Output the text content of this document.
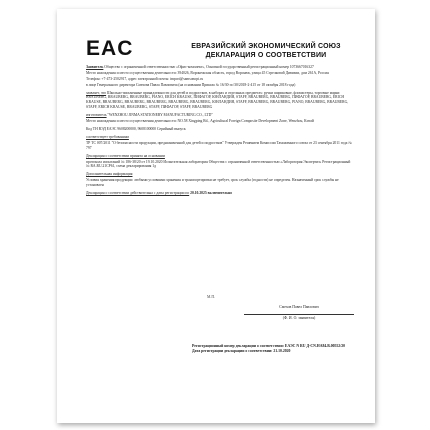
Е А С	ЕВРАЗИЙСКИЙ ЭКОНОМИЧЕСКИЙ СОЮЗ
ДЕКЛАРАЦИЯ О СООТВЕТСТВИИ

Заявитель Общество с ограниченной ответственностью «Офис-комплект», Основной государственный регистрационный номер 1073667016327

Место нахождения и место осуществления деятельности: 394026, Воронежская область, город Воронеж, улица 45 Стрелковой Дивизии, дом 261А, Россия

Телефон: +7-473-2502917, адрес электронной почты: import@samsonopt.ru

в лице Генерального директора Смехова Павла Павловича (на основании Приказа № 16/30-лс/30/2018-2-415 от 18 октября 2018 года)

заявляет, что Школьно-письменные принадлежности для детей и подростков, в наборах и отдельных предметах: ручки шариковые, фломастеры, торговые марки: BRAUBERG, BRAUBERG, BRAUBERG, PIANO, ERICH KRAUSE, ПИФАГОР, ЮНЛАНДИЯ, STAFF, BRAUBERG, BRAUBERG, ПИФАГОР, BRAUBERG, ERICH KRAUSE, BRAUBERG, BRAUBERG, BRAUBERG, BRAUBERG, BRAUBERG, ЮНЛАНДИЯ, STAFF, BRAUBERG, BRAUBERG, PIANO, BRAUBERG, BRAUBERG, STAFF, ERICH KRAUSE, BRAUBERG, STAFF, ПИФАГОР, STAFF, BRAUBERG

изготовитель "WENZHOU JINMA STATIONERY MANUFACTURING CO., LTD"

Место нахождения и место осуществления деятельности: NO.58 Xingping Rd., Agricultural Foreign Composite Development Zone, Wenzhou, Китай

Код ТН ВЭД ЕАЭС 9608200000, 9608100000 Серийный выпуск

соответствует требованиям

ТР ТС 007/2011 "О безопасности продукции, предназначенной для детей и подростков" Утвержден Решением Комиссии Таможенного союза от 23 сентября 2011 года № 797

Декларация о соответствии принята на основании

протокола испытаний № 186-38/20 от 19.10.2020 Испытательная лаборатория Общества с ограниченной ответственностью «Лаборатория Экспертиз» Регистрационный № RA.RU.21СР61, схема декларирования 1д

Дополнительная информация

Условия хранения продукции: любыми условиями хранения и транспортировки не требует, срок службы (годности) не определен. Назначенный срок службы не установлен

Декларация о соответствии действительна с даты регистрации по 20.10.2025 включительно

М.П.
Смехов Павел Павлович
(Ф. И. О. заявителя)
Регистрационный номер декларации о соответствии: ЕАЭС N RU Д-CN.HA84.B.00552/20
Дата регистрации декларации о соответствии: 21.10.2020
